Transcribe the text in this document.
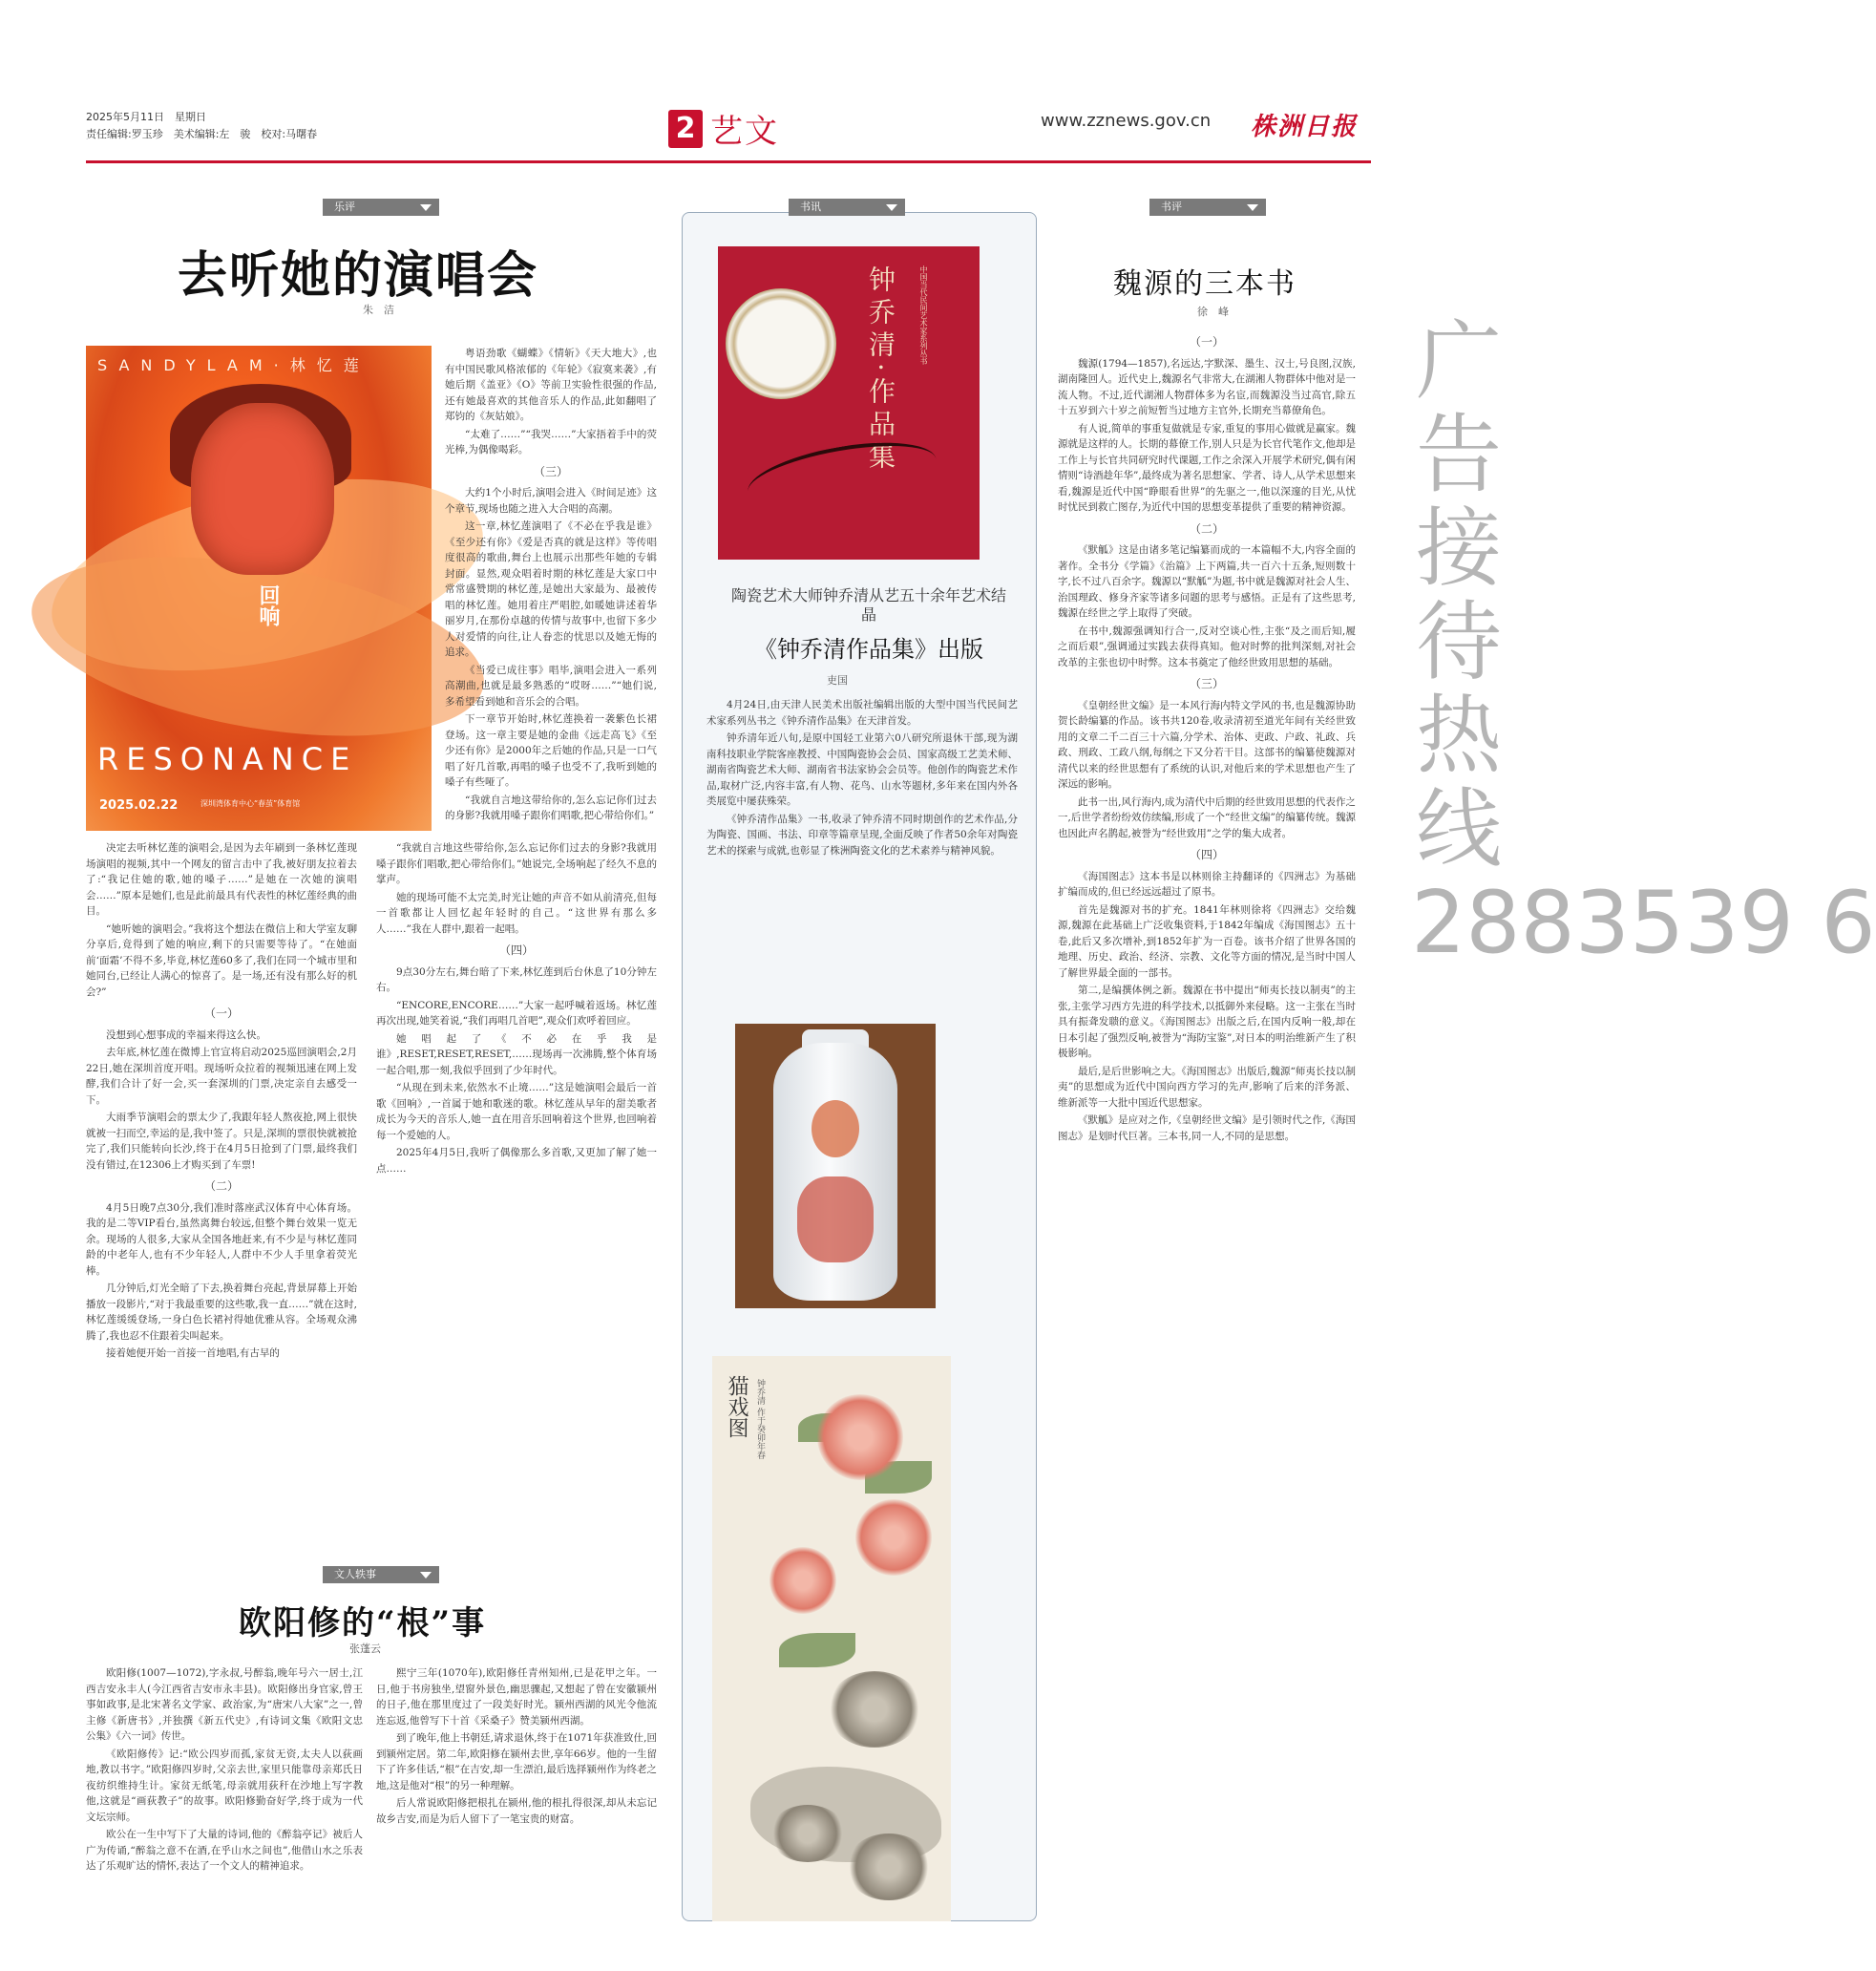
2025年5月11日　星期日
责任编辑:罗玉珍　美术编辑:左　骏　校对:马曙春	2 艺文	www.zznews.gov.cn 株洲日报
乐评
去听她的演唱会
朱　洁
SANDYLAM·林忆莲
回响
RESONANCE
2025.02.22	深圳湾体育中心“春茧”体育馆

粤语劲歌《蝴蝶》《情斩》《天大地大》,也有中国民歌风格浓郁的《年轮》《寂寞来袭》,有她后期《盖亚》《O》等前卫实验性很强的作品,还有她最喜欢的其他音乐人的作品,此如翻唱了郑钧的《灰姑娘》。

“太难了……”“我哭……”大家捂着手中的荧光棒,为偶像喝彩。

（三）

大约1个小时后,演唱会进入《时间足迹》这个章节,现场也随之进入大合唱的高潮。

这一章,林忆莲演唱了《不必在乎我是谁》《至少还有你》《爱是否真的就是这样》等传唱度很高的歌曲,舞台上也展示出那些年她的专辑封面。显然,观众唱着时期的林忆莲是大家口中常常盛赞期的林忆莲,是她出大家最为、最被传唱的林忆莲。她用着庄严唱腔,如暖她讲述着华丽岁月,在那份卓越的传情与故事中,也留下多少人对爱情的向往,让人眷恋的忧思以及她无悔的追求。

《当爱已成往事》唱毕,演唱会进入一系列高潮曲,也就是最多熟悉的“哎呀……”“她们说,多希望看到她和音乐会的合唱。

下一章节开始时,林忆莲换着一袭紫色长裙登场。这一章主要是她的金曲《远走高飞》《至少还有你》是2000年之后她的作品,只是一口气唱了好几首歌,再唱的嗓子也受不了,我听到她的嗓子有些哑了。

“我就自言地这带给你的,怎么忘记你们过去的身影?我就用嗓子跟你们唱歌,把心带给你们。”

决定去听林忆莲的演唱会,是因为去年刷到一条林忆莲现场演唱的视频,其中一个网友的留言击中了我,被好朋友拉着去了:“我记住她的歌,她的嗓子……”是她在一次她的演唱会……”原本是她们,也是此前最具有代表性的林忆莲经典的曲目。

“她听她的演唱会。”我将这个想法在微信上和大学室友聊分享后,竟得到了她的响应,剩下的只需要等待了。“在她面前‘面霜’不得不多,毕竟,林忆莲60多了,我们在同一个城市里和她同台,已经让人满心的惊喜了。是一场,还有没有那么好的机会?”

（一）

没想到心想事成的幸福来得这么快。

去年底,林忆莲在微博上官宣将启动2025巡回演唱会,2月22日,她在深圳首度开唱。现场听众拉着的视频迅速在网上发酵,我们合计了好一会,买一套深圳的门票,决定亲自去感受一下。

大雨季节演唱会的票太少了,我跟年轻人熬夜抢,网上很快就被一扫而空,幸运的是,我中签了。只是,深圳的票很快就被抢完了,我们只能转向长沙,终于在4月5日抢到了门票,最终我们没有错过,在12306上才购买到了车票!

（二）

4月5日晚7点30分,我们准时落座武汉体育中心体育场。我的是二等VIP看台,虽然离舞台较远,但整个舞台效果一览无余。现场的人很多,大家从全国各地赶来,有不少是与林忆莲同龄的中老年人,也有不少年轻人,人群中不少人手里拿着荧光棒。

几分钟后,灯光全暗了下去,换着舞台亮起,背景屏幕上开始播放一段影片,“对于我最重要的这些歌,我一直……”就在这时,林忆莲缓缓登场,一身白色长裙衬得她优雅从容。全场观众沸腾了,我也忍不住跟着尖叫起来。

接着她便开始一首接一首地唱,有古早的

“我就自言地这些带给你,怎么忘记你们过去的身影?我就用嗓子跟你们唱歌,把心带给你们。”她说完,全场响起了经久不息的掌声。

她的现场可能不太完美,时光让她的声音不如从前清亮,但每一首歌都让人回忆起年轻时的自己。“这世界有那么多人……”我在人群中,跟着一起唱。

（四）

9点30分左右,舞台暗了下来,林忆莲到后台休息了10分钟左右。

“ENCORE,ENCORE……”大家一起呼喊着返场。林忆莲再次出现,她笑着说,“我们再唱几首吧”,观众们欢呼着回应。

她唱起了《不必在乎我是谁》,RESET,RESET,RESET,……现场再一次沸腾,整个体育场一起合唱,那一刻,我似乎回到了少年时代。

“从现在到未来,依然水不止境……”这是她演唱会最后一首歌《回响》,一首属于她和歌迷的歌。林忆莲从早年的甜美歌者成长为今天的音乐人,她一直在用音乐回响着这个世界,也回响着每一个爱她的人。

2025年4月5日,我听了偶像那么多首歌,又更加了解了她一点……

文人轶事
欧阳修的“根”事
张蓬云

欧阳修(1007—1072),字永叔,号醉翁,晚年号六一居士,江西吉安永丰人(今江西省吉安市永丰县)。欧阳修出身官家,曾王事如政事,是北宋著名文学家、政治家,为“唐宋八大家”之一,曾主修《新唐书》,并独撰《新五代史》,有诗词文集《欧阳文忠公集》《六一词》传世。

《欧阳修传》记:“欧公四岁而孤,家贫无资,太夫人以荻画地,教以书字。”欧阳修四岁时,父亲去世,家里只能靠母亲郑氏日夜纺织维持生计。家贫无纸笔,母亲就用荻秆在沙地上写字教他,这就是“画荻教子”的故事。欧阳修勤奋好学,终于成为一代文坛宗师。

欧公在一生中写下了大量的诗词,他的《醉翁亭记》被后人广为传诵,“醉翁之意不在酒,在乎山水之间也”,他借山水之乐表达了乐观旷达的情怀,表达了一个文人的精神追求。

熙宁三年(1070年),欧阳修任青州知州,已是花甲之年。一日,他于书房独坐,望窗外景色,幽思骤起,又想起了曾在安徽颍州的日子,他在那里度过了一段美好时光。颍州西湖的风光令他流连忘返,他曾写下十首《采桑子》赞美颍州西湖。

到了晚年,他上书朝廷,请求退休,终于在1071年获准致仕,回到颍州定居。第二年,欧阳修在颍州去世,享年66岁。他的一生留下了许多佳话,“根”在吉安,却一生漂泊,最后选择颍州作为终老之地,这是他对“根”的另一种理解。

后人常说欧阳修把根扎在颍州,他的根扎得很深,却从未忘记故乡吉安,而是为后人留下了一笔宝贵的财富。

书讯
钟乔清·作品集	中国当代民间艺术家系列丛书
陶瓷艺术大师钟乔清从艺五十余年艺术结晶
《钟乔清作品集》出版
吏国

4月24日,由天津人民美术出版社编辑出版的大型中国当代民间艺术家系列丛书之《钟乔清作品集》在天津首发。

钟乔清年近八旬,是原中国轻工业第六0八研究所退休干部,现为湖南科技职业学院客座教授、中国陶瓷协会会员、国家高级工艺美术师、湖南省陶瓷艺术大师、湖南省书法家协会会员等。他创作的陶瓷艺术作品,取材广泛,内容丰富,有人物、花鸟、山水等题材,多年来在国内外各类展览中屡获殊荣。

《钟乔清作品集》一书,收录了钟乔清不同时期创作的艺术作品,分为陶瓷、国画、书法、印章等篇章呈现,全面反映了作者50余年对陶瓷艺术的探索与成就,也彰显了株洲陶瓷文化的艺术素养与精神风貌。

猫戏图 钟乔清 作于癸卯年春
书评
魏源的三本书
徐　峰

（一）

魏源(1794—1857),名远达,字默深、墨生、汉士,号良图,汉族,湖南隆回人。近代史上,魏源名气非常大,在湖湘人物群体中他对是一流人物。不过,近代湖湘人物群体多为名宦,而魏源没当过高官,除五十五岁到六十岁之前短暂当过地方主官外,长期充当幕僚角色。

有人说,简单的事重复做就是专家,重复的事用心做就是赢家。魏源就是这样的人。长期的幕僚工作,别人只是为长官代笔作文,他却是工作上与长官共同研究时代课题,工作之余深入开展学术研究,偶有闲情则“诗酒趁年华”,最终成为著名思想家、学者、诗人,从学术思想来看,魏源是近代中国“睁眼看世界”的先驱之一,他以深邃的目光,从忧时忧民到救亡图存,为近代中国的思想变革提供了重要的精神资源。

（二）

《默觚》这是由诸多笔记编纂而成的一本篇幅不大,内容全面的著作。全书分《学篇》《治篇》上下两篇,共一百六十五条,短则数十字,长不过八百余字。魏源以“默觚”为题,书中就是魏源对社会人生、治国理政、修身齐家等诸多问题的思考与感悟。正是有了这些思考,魏源在经世之学上取得了突破。

在书中,魏源强调知行合一,反对空谈心性,主张“及之而后知,履之而后艰”,强调通过实践去获得真知。他对时弊的批判深刻,对社会改革的主张也切中时弊。这本书奠定了他经世致用思想的基础。

（三）

《皇朝经世文编》是一本风行海内特文学风的书,也是魏源协助贺长龄编纂的作品。该书共120卷,收录清初至道光年间有关经世致用的文章二千二百三十六篇,分学术、治体、吏政、户政、礼政、兵政、刑政、工政八纲,每纲之下又分若干目。这部书的编纂使魏源对清代以来的经世思想有了系统的认识,对他后来的学术思想也产生了深远的影响。

此书一出,风行海内,成为清代中后期的经世致用思想的代表作之一,后世学者纷纷效仿续编,形成了一个“经世文编”的编纂传统。魏源也因此声名鹊起,被誉为“经世致用”之学的集大成者。

（四）

《海国图志》这本书是以林则徐主持翻译的《四洲志》为基础扩编而成的,但已经远远超过了原书。

首先是魏源对书的扩充。1841年林则徐将《四洲志》交给魏源,魏源在此基础上广泛收集资料,于1842年编成《海国图志》五十卷,此后又多次增补,到1852年扩为一百卷。该书介绍了世界各国的地理、历史、政治、经济、宗教、文化等方面的情况,是当时中国人了解世界最全面的一部书。

第二,是编撰体例之新。魏源在书中提出“师夷长技以制夷”的主张,主张学习西方先进的科学技术,以抵御外来侵略。这一主张在当时具有振聋发聩的意义。《海国图志》出版之后,在国内反响一般,却在日本引起了强烈反响,被誉为“海防宝鉴”,对日本的明治维新产生了积极影响。

最后,是后世影响之大。《海国图志》出版后,魏源“师夷长技以制夷”的思想成为近代中国向西方学习的先声,影响了后来的洋务派、维新派等一大批中国近代思想家。

《默觚》是应对之作,《皇朝经世文编》是引领时代之作,《海国图志》是划时代巨著。三本书,同一人,不同的是思想。

广告接待热线2883539 6
